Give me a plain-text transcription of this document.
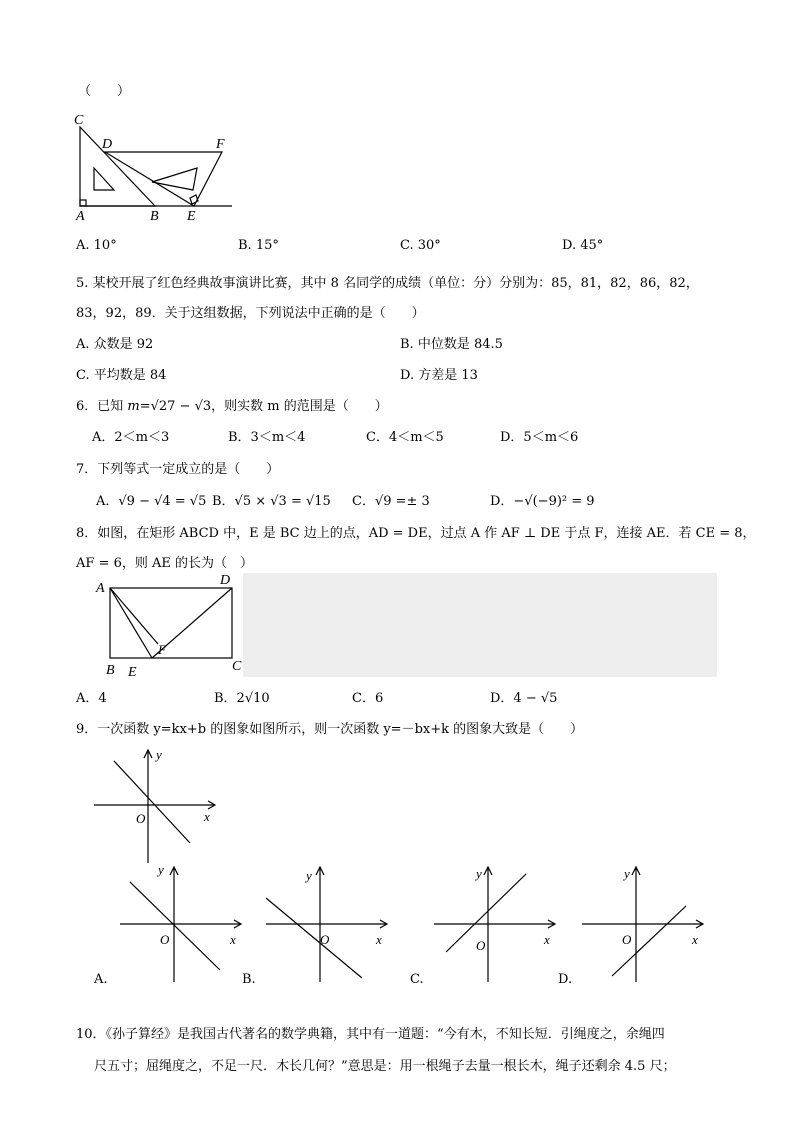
（　　）
C
D	F
A	B E
A. 10°	B. 15°	C. 30°	D. 45°
5. 某校开展了红色经典故事演讲比赛，其中 8 名同学的成绩（单位：分）分别为：85，81，82，86，82，
83，92，89．关于这组数据，下列说法中正确的是（　　）
A. 众数是 92	B. 中位数是 84.5
C. 平均数是 84	D. 方差是 13
6．已知 m=√27 − √3，则实数 m 的范围是（　　）
A．2＜m＜3	B．3＜m＜4	C．4＜m＜5	D．5＜m＜6
7．下列等式一定成立的是（　　）
A．√9 − √4 = √5 B．√5 × √3 = √15 C．√9 =± 3	D．−√(−9)² = 9
8．如图，在矩形 ABCD 中，E 是 BC 边上的点，AD = DE，过点 A 作 AF ⊥ DE 于点 F，连接 AE．若 CE = 8，
AF = 6，则 AE 的长为（　）
A
D
F
B E	C
A．4	B．2√10	C．6	D．4 − √5
9．一次函数 y=kx+b 的图象如图所示，则一次函数 y=－bx+k 的图象大致是（　　）
y
x
O
y
x
O
y
x
O
y
x
O
y
x
O
A.	B.	C.	D.
10．《孙子算经》是我国古代著名的数学典籍，其中有一道题：“今有木，不知长短．引绳度之，余绳四
尺五寸；屈绳度之，不足一尺．木长几何？”意思是：用一根绳子去量一根长木，绳子还剩余 4.5 尺；
